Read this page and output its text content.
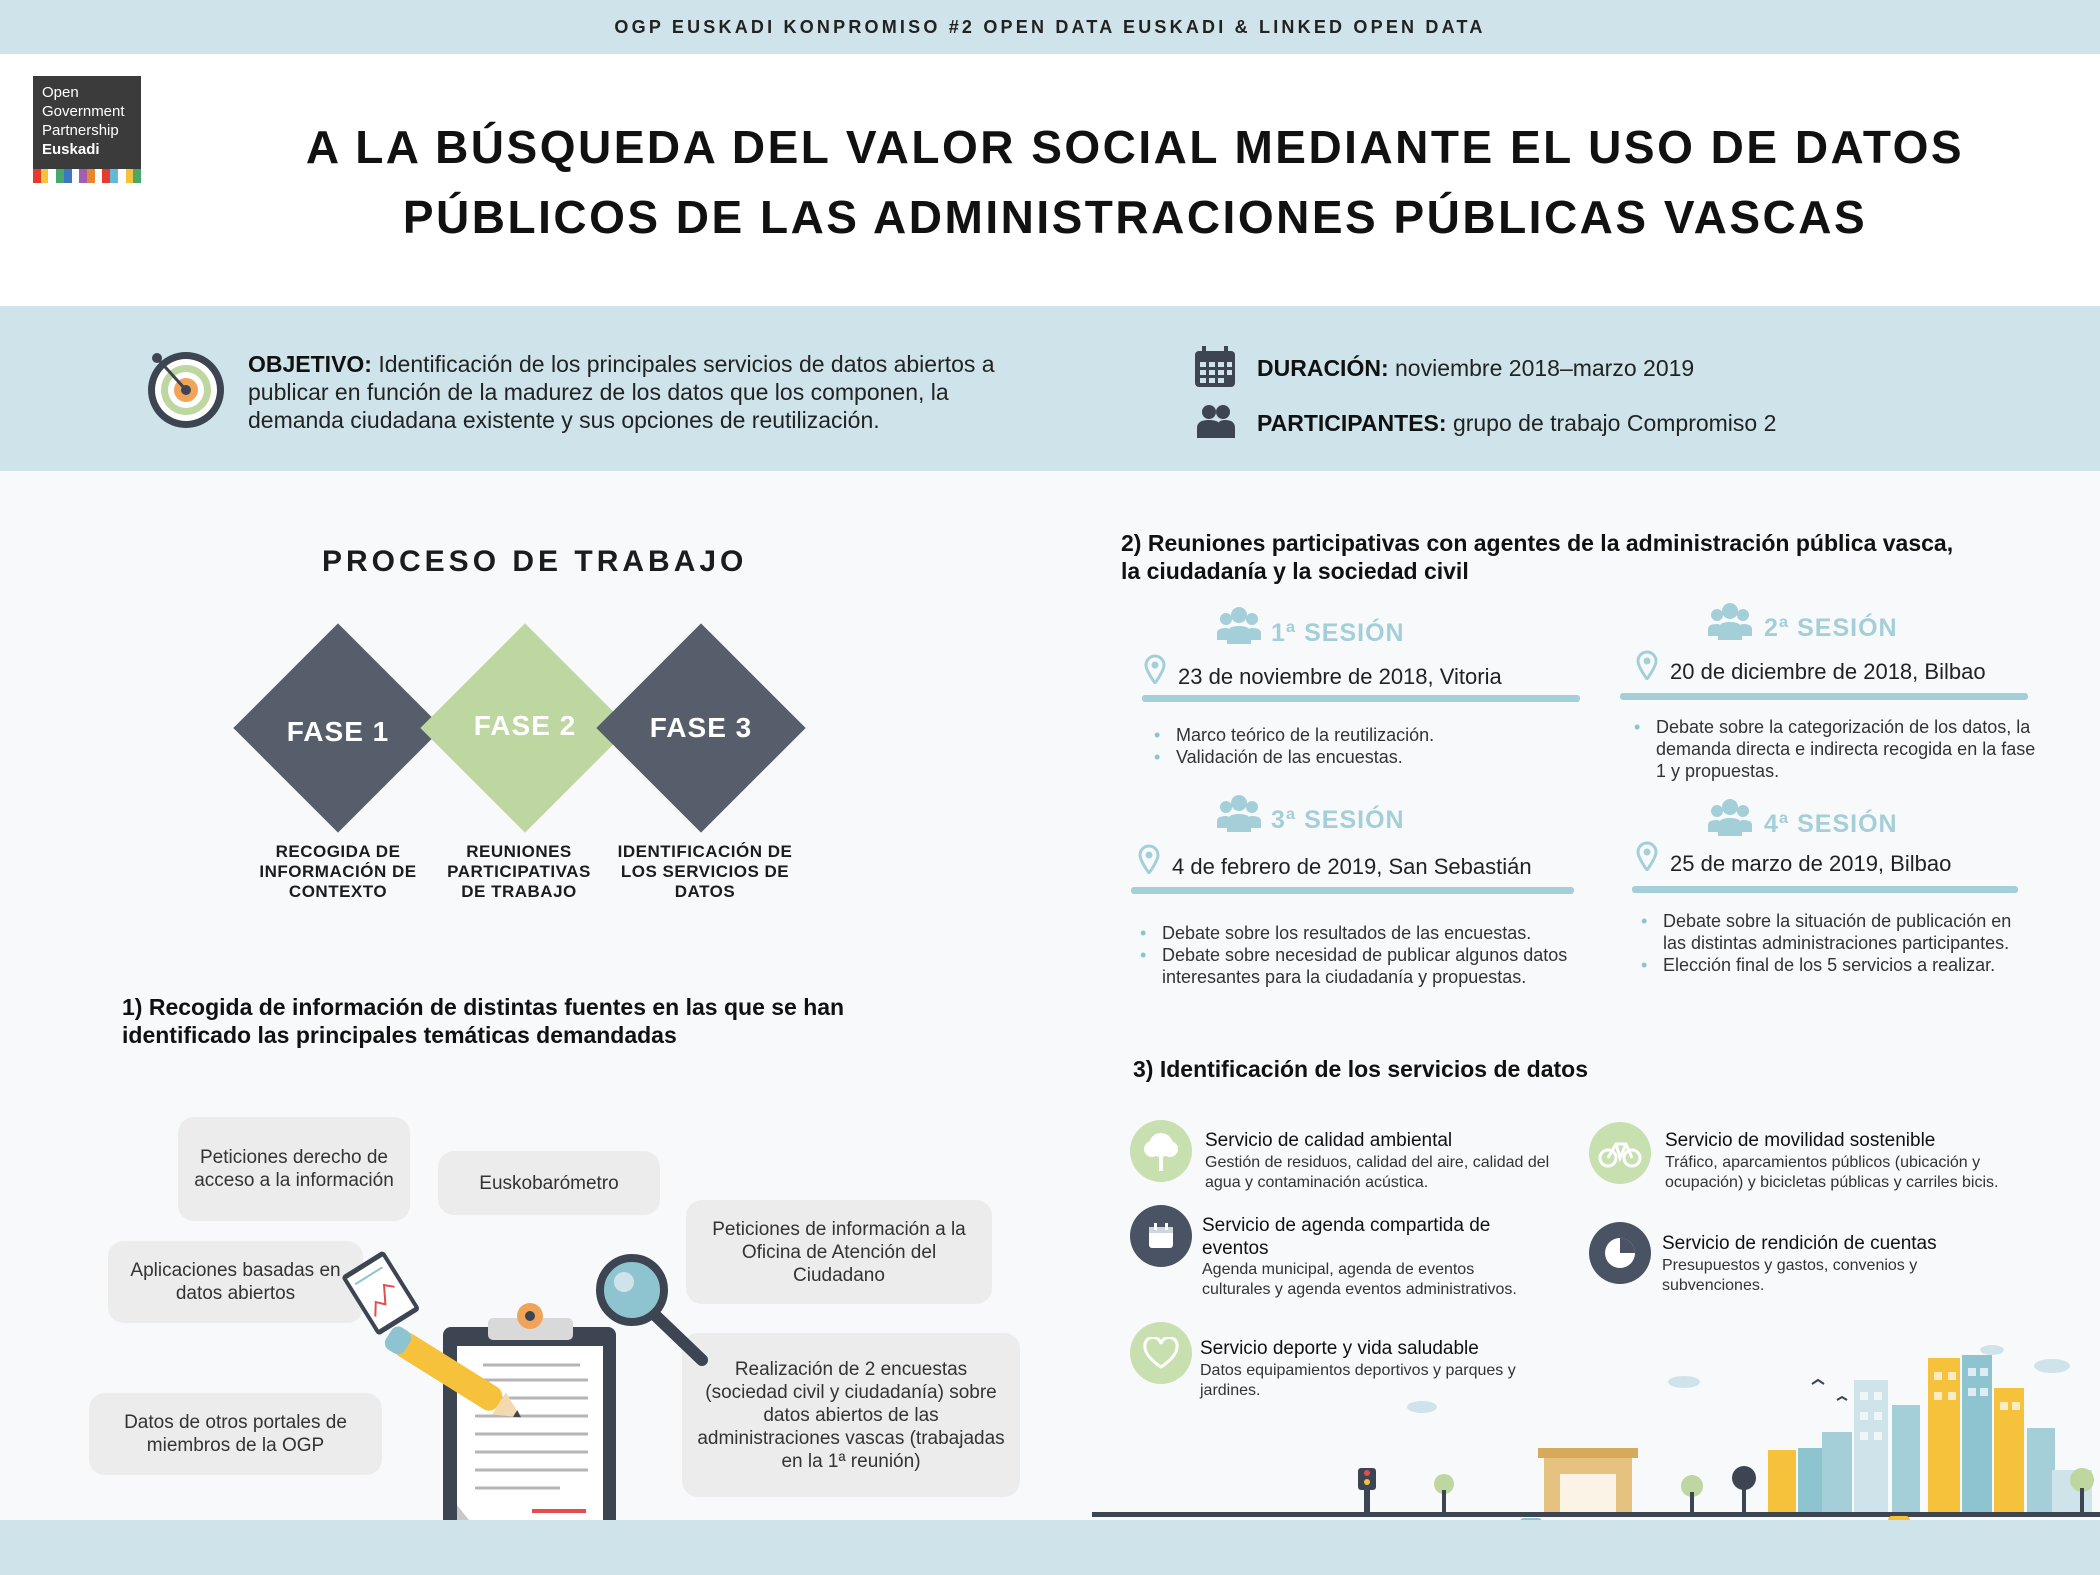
OGP EUSKADI KONPROMISO #2 OPEN DATA EUSKADI & LINKED OPEN DATA
Open
Government
Partnership
Euskadi	A LA BÚSQUEDA DEL VALOR SOCIAL MEDIANTE EL USO DE DATOS
PÚBLICOS DE LAS ADMINISTRACIONES PÚBLICAS VASCAS
OBJETIVO: Identificación de los principales servicios de datos abiertos a publicar en función de la madurez de los datos que los componen, la demanda ciudadana existente y sus opciones de reutilización.
DURACIÓN: noviembre 2018–marzo 2019
PARTICIPANTES: grupo de trabajo Compromiso 2
PROCESO DE TRABAJO
FASE 1	FASE 2	FASE 3
RECOGIDA DE
INFORMACIÓN DE
CONTEXTO
REUNIONES
PARTICIPATIVAS
DE TRABAJO
IDENTIFICACIÓN DE
LOS SERVICIOS DE
DATOS
1) Recogida de información de distintas fuentes en las que se han
identificado las principales temáticas demandadas
Peticiones derecho de acceso a la información	Euskobarómetro
Aplicaciones basadas en datos abiertos
Peticiones de información a la Oficina de Atención del Ciudadano
Datos de otros portales de miembros de la OGP
Realización de 2 encuestas (sociedad civil y ciudadanía) sobre datos abiertos de las administraciones vascas (trabajadas en la 1ª reunión)
2) Reuniones participativas con agentes de la administración pública vasca,
la ciudadanía y la sociedad civil
1ª SESIÓN
23 de noviembre de 2018, Vitoria
• Marco teórico de la reutilización.
• Validación de las encuestas.
2ª SESIÓN
20 de diciembre de 2018, Bilbao
• Debate sobre la categorización de los datos, la demanda directa e indirecta recogida en la fase 1 y propuestas.
3ª SESIÓN
4 de febrero de 2019, San Sebastián
• Debate sobre los resultados de las encuestas.
• Debate sobre necesidad de publicar algunos datos interesantes para la ciudadanía y propuestas.
4ª SESIÓN
25 de marzo de 2019, Bilbao
• Debate sobre la situación de publicación en las distintas administraciones participantes.
• Elección final de los 5 servicios a realizar.
3) Identificación de los servicios de datos
Servicio de calidad ambiental
Gestión de residuos, calidad del aire, calidad del agua y contaminación acústica.
Servicio de movilidad sostenible
Tráfico, aparcamientos públicos (ubicación y ocupación) y bicicletas públicas y carriles bicis.
Servicio de agenda compartida de eventos
Agenda municipal, agenda de eventos culturales y agenda eventos administrativos.
Servicio de rendición de cuentas
Presupuestos y gastos, convenios y subvenciones.
Servicio deporte y vida saludable
Datos equipamientos deportivos y parques y jardines.
